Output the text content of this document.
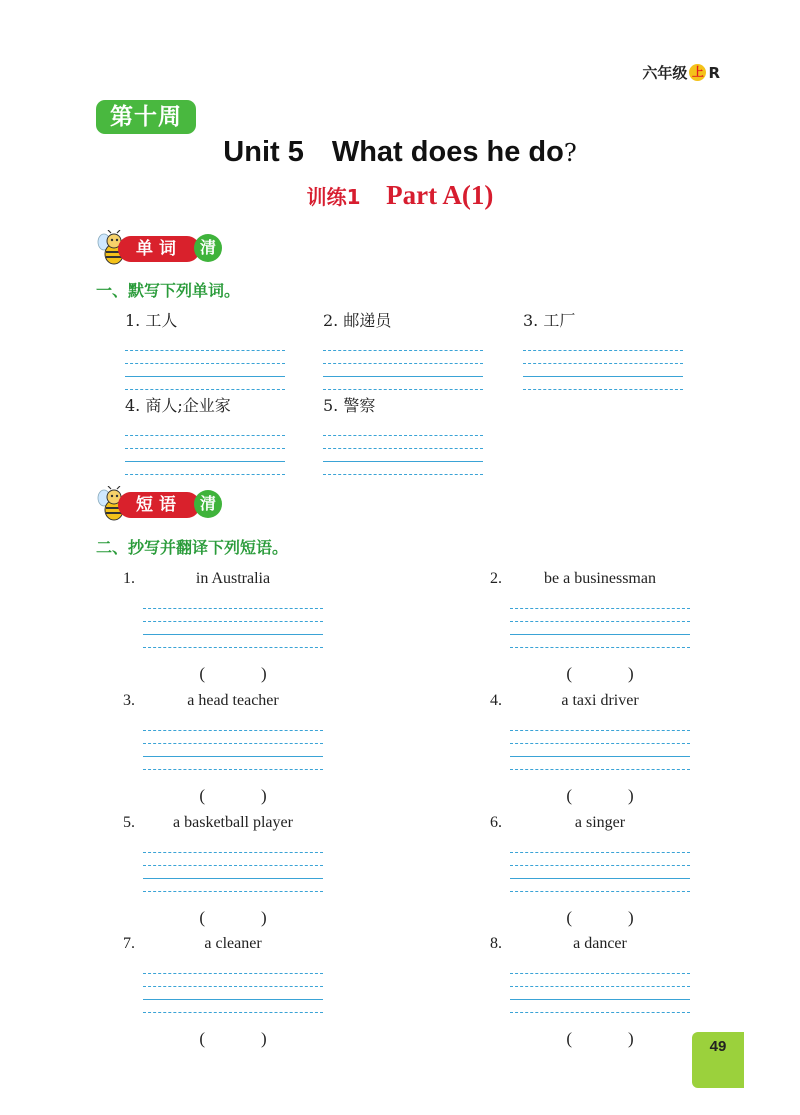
六年级 上 R
第十周
Unit 5 What does he do?
训练1 Part A(1)
单词	清
一、默写下列单词。
1. 工人	2. 邮递员	3. 工厂
4. 商人;企业家	5. 警察
短语	清
二、抄写并翻译下列短语。
1.	in Australia
(	)
2.	be a businessman
(	)
3.	a head teacher
(	)
4.	a taxi driver
(	)
5.	a basketball player
(	)
6.	a singer
(	)
7.	a cleaner
(	)
8.	a dancer
(	)	49
